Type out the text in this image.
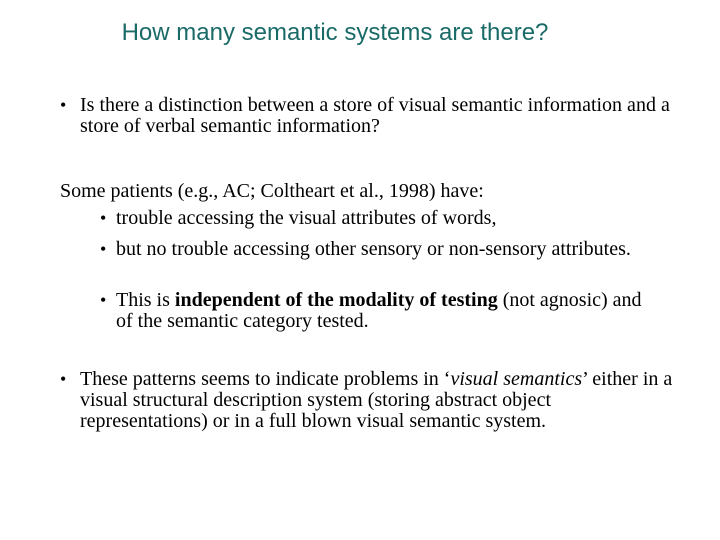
How many semantic systems are there?
• Is there a distinction between a store of visual semantic information and a store of verbal semantic information?
Some patients (e.g., AC; Coltheart et al., 1998) have:
• trouble accessing the visual attributes of words,
• but no trouble accessing other sensory or non-sensory attributes.
• This is independent of the modality of testing (not agnosic) and of the semantic category tested.
• These patterns seems to indicate problems in ‘visual semantics’ either in a visual structural description system (storing abstract object representations) or in a full blown visual semantic system.
